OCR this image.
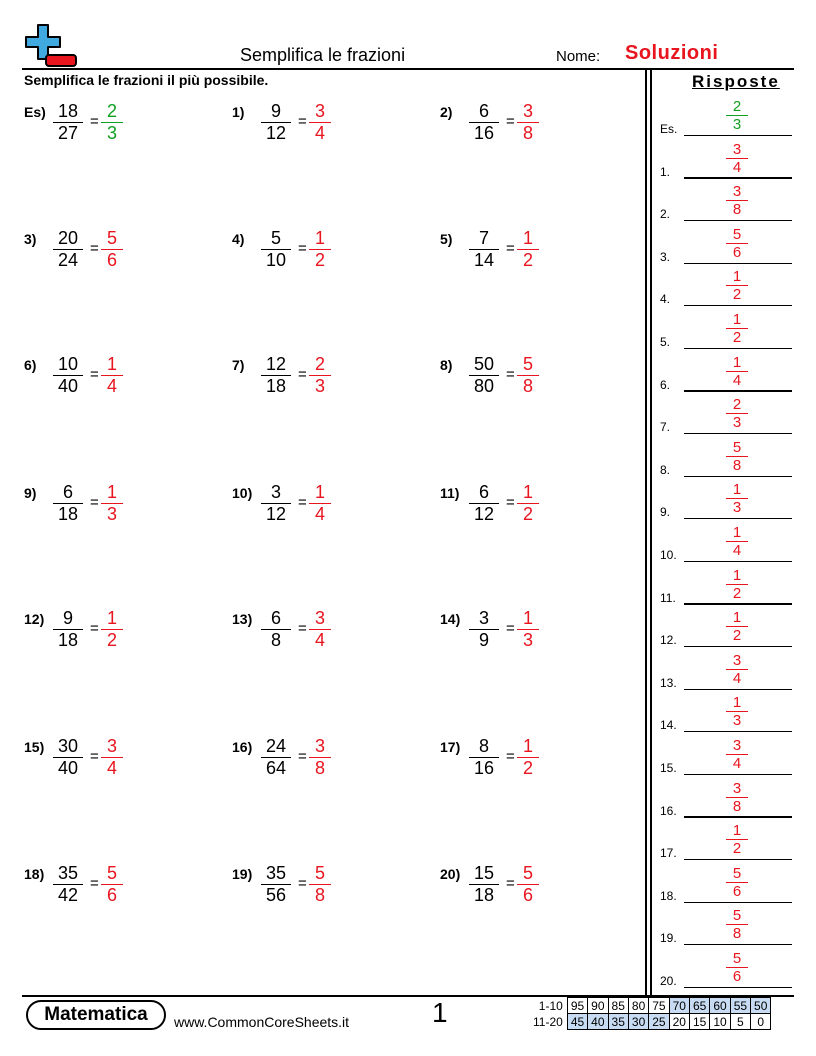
Semplifica le frazioni	Nome: Soluzioni
Semplifica le frazioni il più possibile.
$Es) \frac{18}{27} = \frac{2}{3}$	$1) \frac{9}{12} = \frac{3}{4}$	$2) \frac{6}{16} = \frac{3}{8}$
$3) \frac{20}{24} = \frac{5}{6}$	$4) \frac{5}{10} = \frac{1}{2}$	$5) \frac{7}{14} = \frac{1}{2}$
$6) \frac{10}{40} = \frac{1}{4}$	$7) \frac{12}{18} = \frac{2}{3}$	$8) \frac{50}{80} = \frac{5}{8}$
$9) \frac{6}{18} = \frac{1}{3}$	$10) \frac{3}{12} = \frac{1}{4}$	$11) \frac{6}{12} = \frac{1}{2}$
$12) \frac{9}{18} = \frac{1}{2}$	$13) \frac{6}{8} = \frac{3}{4}$	$14) \frac{3}{9} = \frac{1}{3}$
$15) \frac{30}{40} = \frac{3}{4}$	$16) \frac{24}{64} = \frac{3}{8}$	$17) \frac{8}{16} = \frac{1}{2}$
$18) \frac{35}{42} = \frac{5}{6}$	$19) \frac{35}{56} = \frac{5}{8}$	$20) \frac{15}{18} = \frac{5}{6}$
Risposte
Es.	$\frac{2}{3}$
1.	$\frac{3}{4}$
2.	$\frac{3}{8}$
3.	$\frac{5}{6}$
4.	$\frac{1}{2}$
5.	$\frac{1}{2}$
6.	$\frac{1}{4}$
7.	$\frac{2}{3}$
8.	$\frac{5}{8}$
9.	$\frac{1}{3}$
10.	$\frac{1}{4}$
11.	$\frac{1}{2}$
12.	$\frac{1}{2}$
13.	$\frac{3}{4}$
14.	$\frac{1}{3}$
15.	$\frac{3}{4}$
16.	$\frac{3}{8}$
17.	$\frac{1}{2}$
18.	$\frac{5}{6}$
19.	$\frac{5}{8}$
20.	$\frac{5}{6}$
Matematica	www.CommonCoreSheets.it	1	1-10	95	90	85	80	75	70	65	60	55	50
11-20	45	40	35	30	25	20	15	10	5	0
